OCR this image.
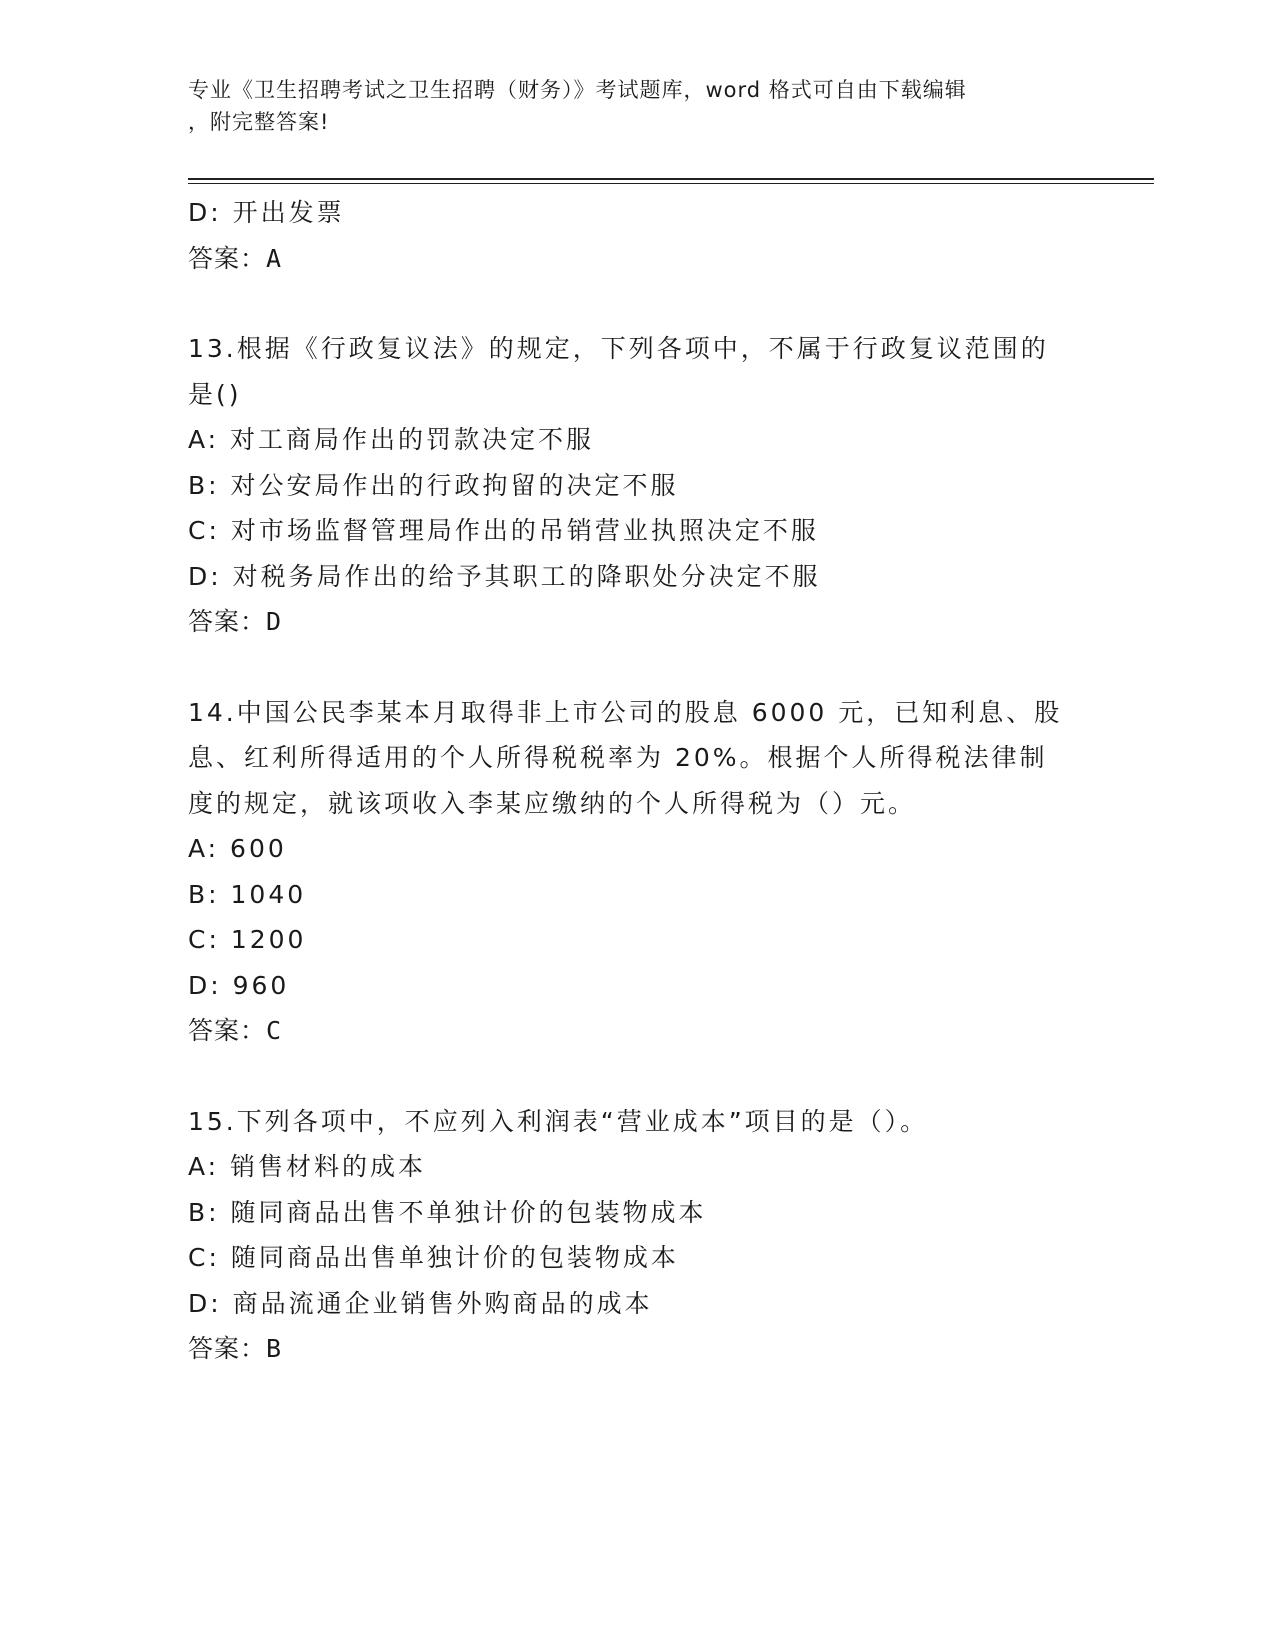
专业《卫生招聘考试之卫生招聘（财务）》考试题库，word 格式可自由下载编辑
，附完整答案!
D: 开出发票
答案：A
13.根据《行政复议法》的规定，下列各项中，不属于行政复议范围的
是()
A: 对工商局作出的罚款决定不服
B: 对公安局作出的行政拘留的决定不服
C: 对市场监督管理局作出的吊销营业执照决定不服
D: 对税务局作出的给予其职工的降职处分决定不服
答案：D
14.中国公民李某本月取得非上市公司的股息 6000 元，已知利息、股
息、红利所得适用的个人所得税税率为 20%。根据个人所得税法律制
度的规定，就该项收入李某应缴纳的个人所得税为（）元。
A: 600
B: 1040
C: 1200
D: 960
答案：C
15.下列各项中，不应列入利润表“营业成本”项目的是（）。
A: 销售材料的成本
B: 随同商品出售不单独计价的包装物成本
C: 随同商品出售单独计价的包装物成本
D: 商品流通企业销售外购商品的成本
答案：B
